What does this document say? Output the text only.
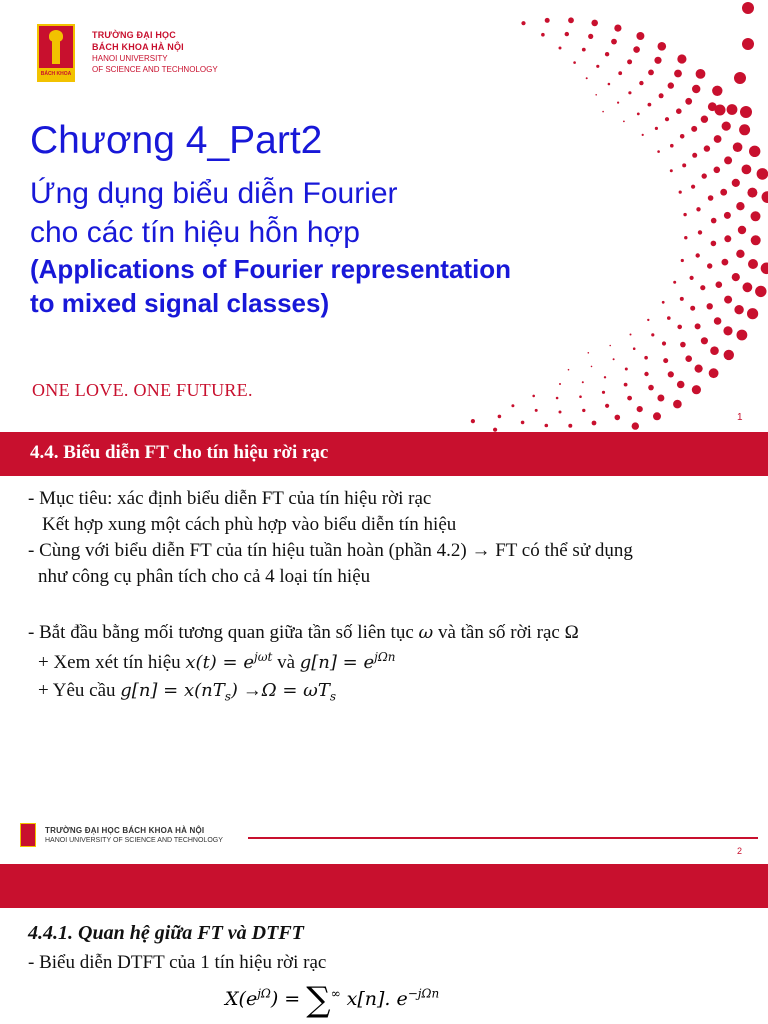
BÁCH KHOA
TRƯỜNG ĐẠI HỌC
BÁCH KHOA HÀ NỘI
HANOI UNIVERSITY
OF SCIENCE AND TECHNOLOGY
Chương 4_Part2
Ứng dụng biểu diễn Fourier
cho các tín hiệu hỗn hợp
(Applications of Fourier representation
to mixed signal classes)
ONE LOVE. ONE FUTURE.
1
4.4. Biểu diễn FT cho tín hiệu rời rạc
- Mục tiêu: xác định biểu diễn FT của tín hiệu rời rạc
Kết hợp xung một cách phù hợp vào biểu diễn tín hiệu
- Cùng với biểu diễn FT của tín hiệu tuần hoàn (phần 4.2) → FT có thể sử dụng
như công cụ phân tích cho cả 4 loại tín hiệu
- Bắt đầu bằng mối tương quan giữa tần số liên tục ω và tần số rời rạc Ω
+ Xem xét tín hiệu $x(t) = e^{j\omega t}$ và $g[n] = e^{j\Omega n}$
+ Yêu cầu $g[n] = x(nT_s) \to\Omega = \omega T_s$
TRƯỜNG ĐẠI HỌC BÁCH KHOA HÀ NỘI
HANOI UNIVERSITY OF SCIENCE AND TECHNOLOGY
2
4.4.1. Quan hệ giữa FT và DTFT
- Biểu diễn DTFT của 1 tín hiệu rời rạc
$X(e^{j\Omega}) = \sum^\infty$ x[n]. $e^{-j\Omega n}$
